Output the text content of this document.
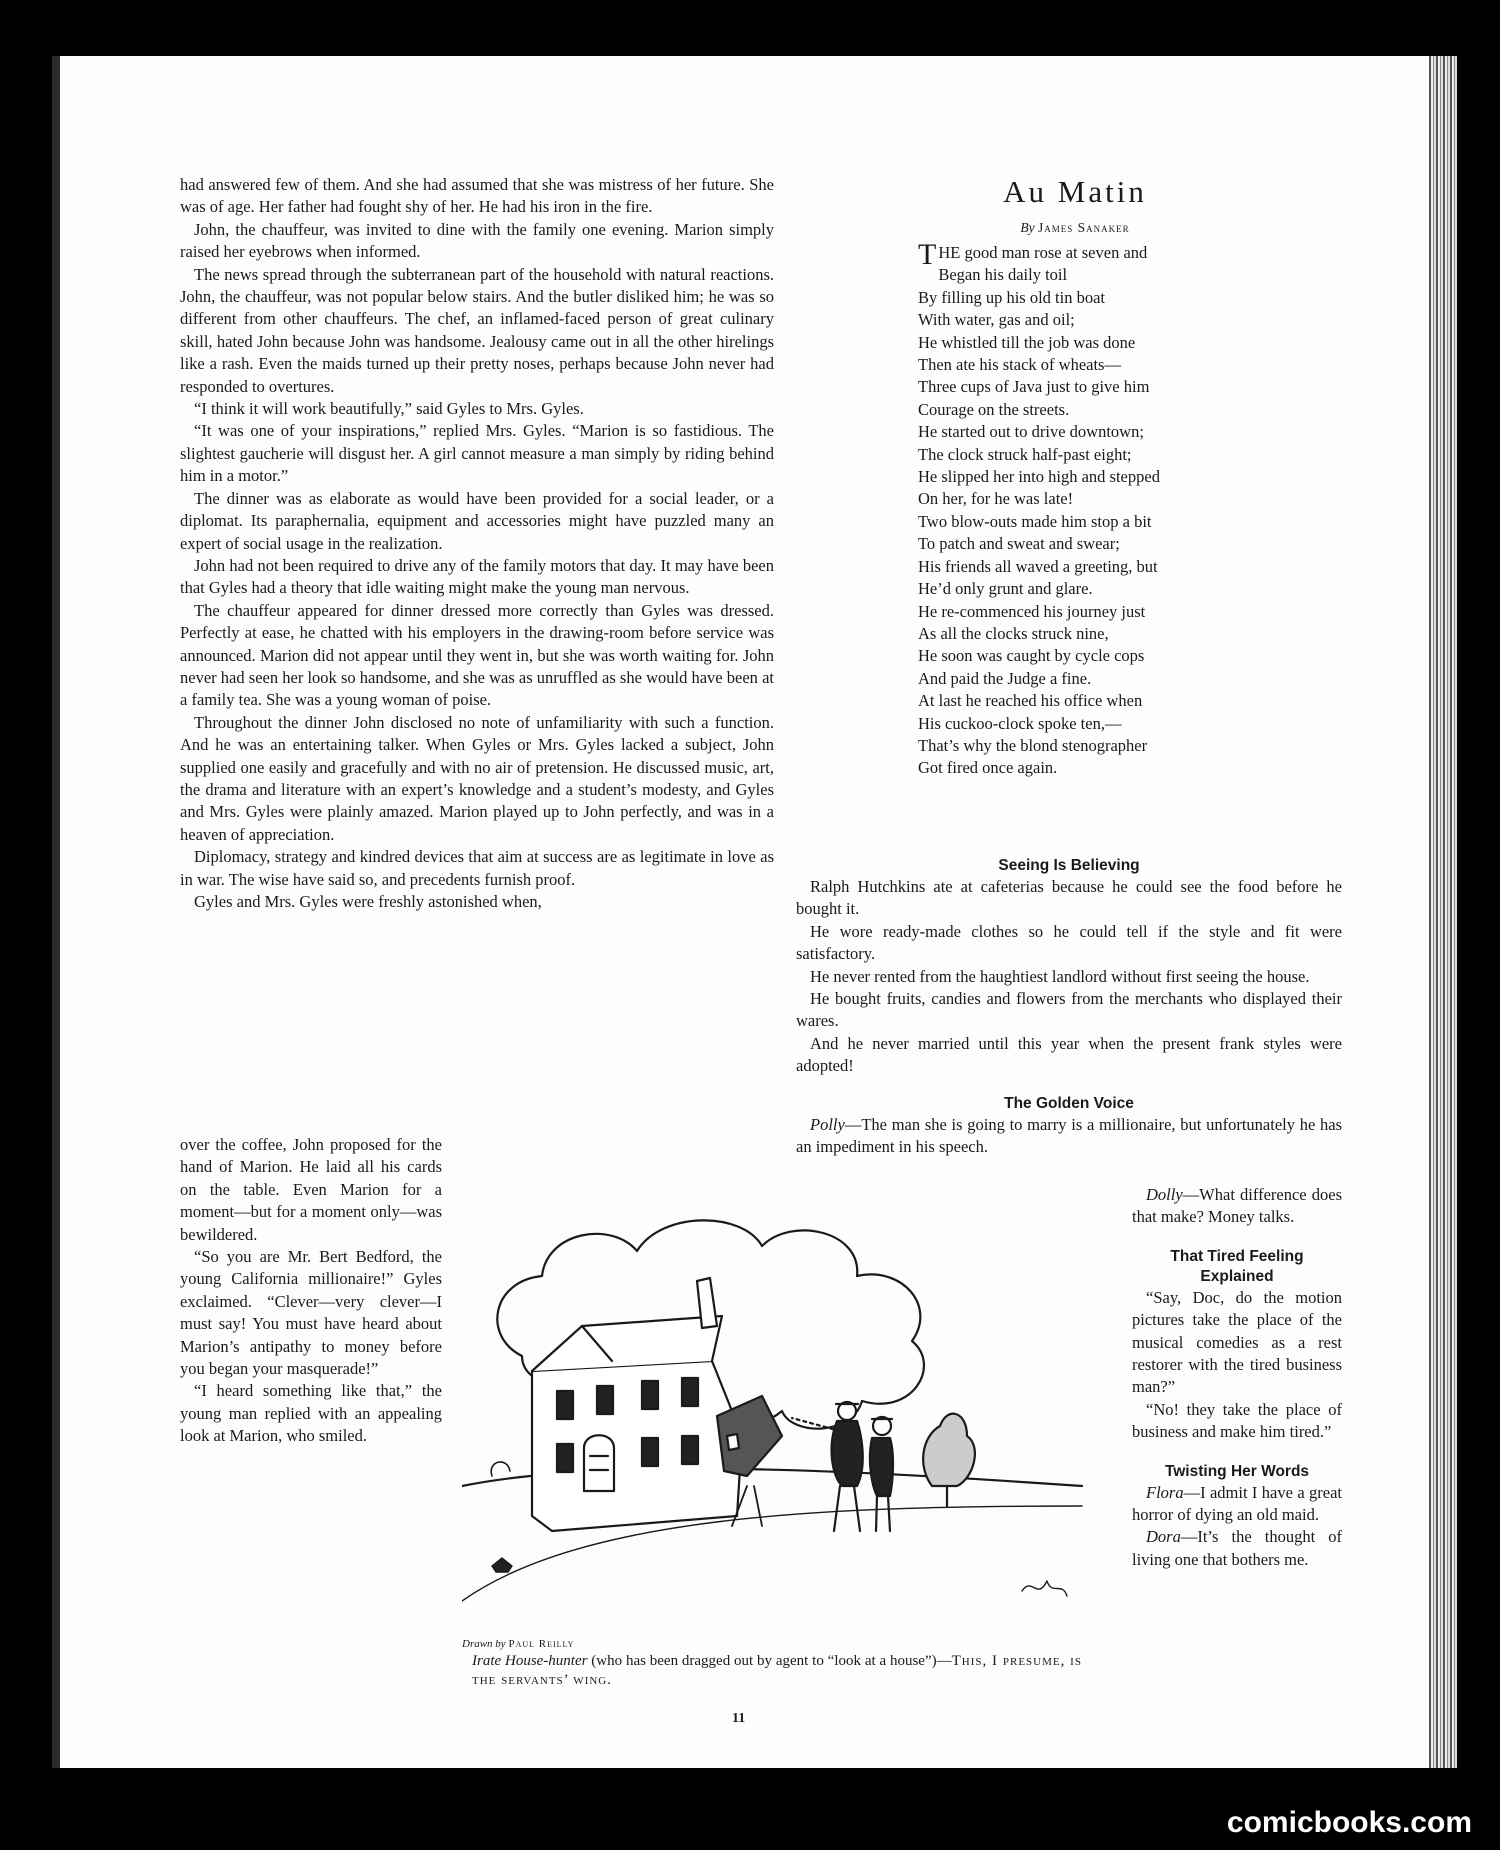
had answered few of them. And she had assumed that she was mistress of her future. She was of age. Her father had fought shy of her. He had his iron in the fire.

John, the chauffeur, was invited to dine with the family one evening. Marion simply raised her eyebrows when informed.

The news spread through the subterranean part of the household with natural reactions. John, the chauffeur, was not popular below stairs. And the butler disliked him; he was so different from other chauffeurs. The chef, an inflamed-faced person of great culinary skill, hated John because John was handsome. Jealousy came out in all the other hirelings like a rash. Even the maids turned up their pretty noses, perhaps because John never had responded to overtures.

“I think it will work beautifully,” said Gyles to Mrs. Gyles.

“It was one of your inspirations,” replied Mrs. Gyles. “Marion is so fastidious. The slightest gaucherie will disgust her. A girl cannot measure a man simply by riding behind him in a motor.”

The dinner was as elaborate as would have been provided for a social leader, or a diplomat. Its paraphernalia, equipment and accessories might have puzzled many an expert of social usage in the realization.

John had not been required to drive any of the family motors that day. It may have been that Gyles had a theory that idle waiting might make the young man nervous.

The chauffeur appeared for dinner dressed more correctly than Gyles was dressed. Perfectly at ease, he chatted with his employers in the drawing-room before service was announced. Marion did not appear until they went in, but she was worth waiting for. John never had seen her look so handsome, and she was as unruffled as she would have been at a family tea. She was a young woman of poise.

Throughout the dinner John disclosed no note of unfamiliarity with such a function. And he was an entertaining talker. When Gyles or Mrs. Gyles lacked a subject, John supplied one easily and gracefully and with no air of pretension. He discussed music, art, the drama and literature with an expert’s knowledge and a student’s modesty, and Gyles and Mrs. Gyles were plainly amazed. Marion played up to John perfectly, and was in a heaven of appreciation.

Diplomacy, strategy and kindred devices that aim at success are as legitimate in love as in war. The wise have said so, and precedents furnish proof.

Gyles and Mrs. Gyles were freshly astonished when,

over the coffee, John proposed for the hand of Marion. He laid all his cards on the table. Even Marion for a moment—but for a moment only—was bewildered.

“So you are Mr. Bert Bedford, the young California millionaire!” Gyles exclaimed. “Clever—very clever—I must say! You must have heard about Marion’s antipathy to money before you began your masquerade!”

“I heard something like that,” the young man replied with an appealing look at Marion, who smiled.

Au Matin
By James Sanaker
THE good man rose at seven and
Began his daily toil
By filling up his old tin boat
With water, gas and oil;
He whistled till the job was done
Then ate his stack of wheats—
Three cups of Java just to give him
Courage on the streets.
He started out to drive downtown;
The clock struck half-past eight;
He slipped her into high and stepped
On her, for he was late!
Two blow-outs made him stop a bit
To patch and sweat and swear;
His friends all waved a greeting, but
He’d only grunt and glare.
He re-commenced his journey just
As all the clocks struck nine,
He soon was caught by cycle cops
And paid the Judge a fine.
At last he reached his office when
His cuckoo-clock spoke ten,—
That’s why the blond stenographer
Got fired once again.

Seeing Is Believing

Ralph Hutchkins ate at cafeterias because he could see the food before he bought it.

He wore ready-made clothes so he could tell if the style and fit were satisfactory.

He never rented from the haughtiest landlord without first seeing the house.

He bought fruits, candies and flowers from the merchants who displayed their wares.

And he never married until this year when the present frank styles were adopted!

The Golden Voice

Polly—The man she is going to marry is a millionaire, but unfortunately he has an impediment in his speech.

Dolly—What difference does that make? Money talks.

That Tired Feeling Explained

“Say, Doc, do the motion pictures take the place of the musical comedies as a rest restorer with the tired business man?”

“No! they take the place of business and make him tired.”

Twisting Her Words

Flora—I admit I have a great horror of dying an old maid.

Dora—It’s the thought of living one that bothers me.

Drawn by Paul Reilly
Irate House-hunter (who has been dragged out by agent to “look at a house”)—This, I presume, is the servants’ wing.
11
comicbooks.com
